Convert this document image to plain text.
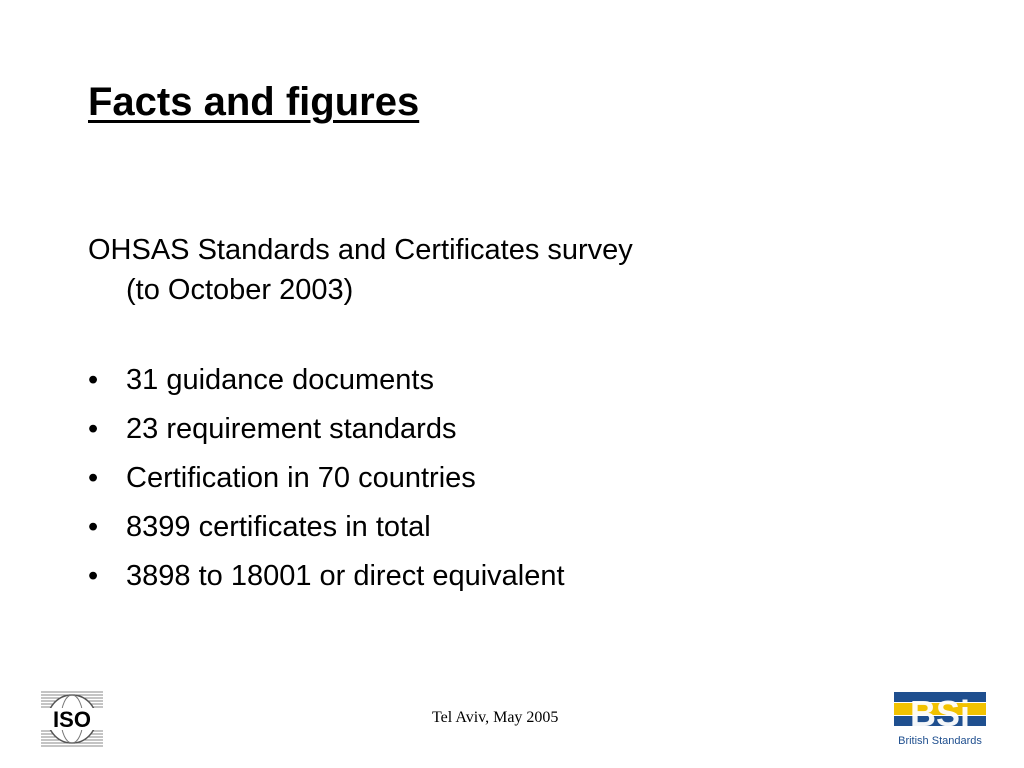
Facts and figures
OHSAS Standards and Certificates survey
(to October 2003)
• 31 guidance documents
• 23 requirement standards
• Certification in 70 countries
• 8399 certificates in total
• 3898 to 18001 or direct equivalent
ISO	Tel Aviv, May 2005	BSi
British Standards
